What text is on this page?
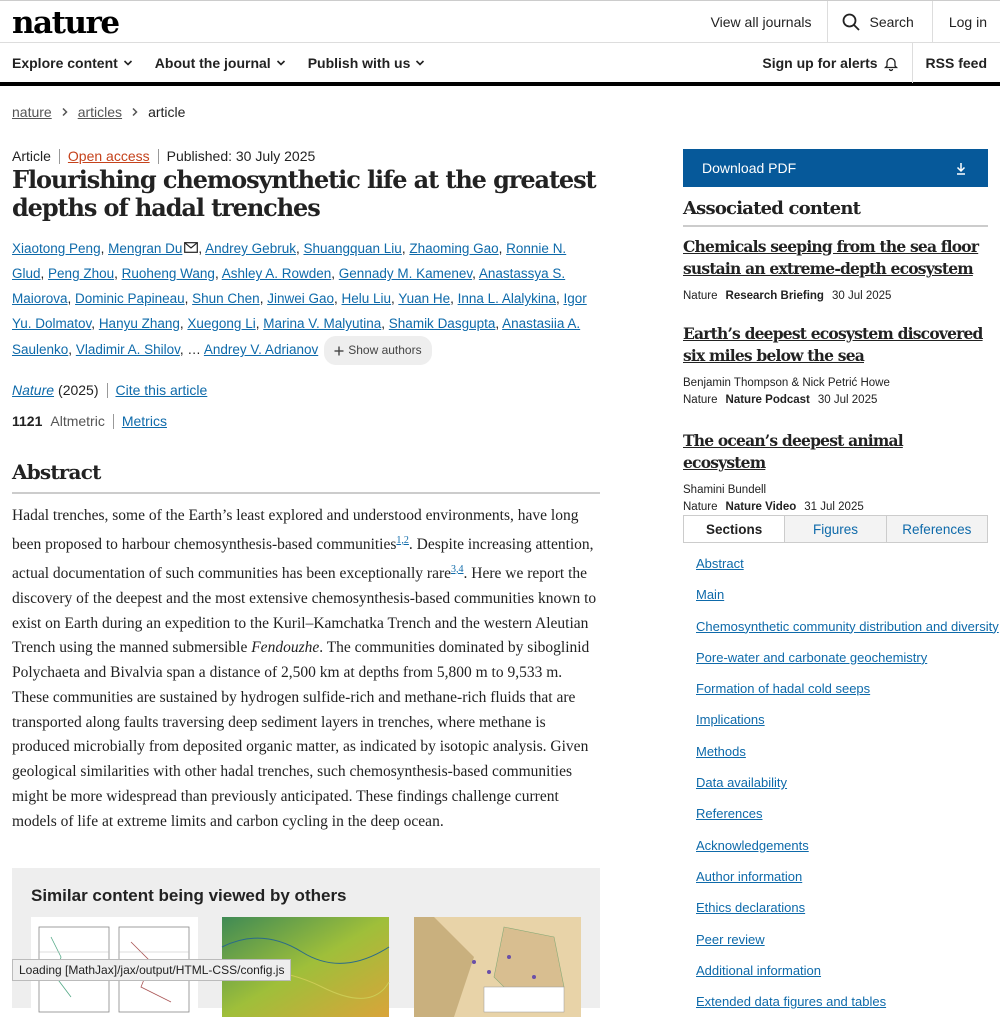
nature	View all journals	Search	Log in
Explore content	About the journal	Publish with us	Sign up for alerts	RSS feed
nature articles article
Article Open access Published: 30 July 2025
Flourishing chemosynthetic life at the greatest depths of hadal trenches
Xiaotong Peng, Mengran Du , Andrey Gebruk, Shuangquan Liu, Zhaoming Gao, Ronnie N. Glud, Peng Zhou, Ruoheng Wang, Ashley A. Rowden, Gennady M. Kamenev, Anastassya S. Maiorova, Dominic Papineau, Shun Chen, Jinwei Gao, Helu Liu, Yuan He, Inna L. Alalykina, Igor Yu. Dolmatov, Hanyu Zhang, Xuegong Li, Marina V. Malyutina, Shamik Dasgupta, Anastasiia A. Saulenko, Vladimir A. Shilov, … Andrey V. Adrianov	Show authors
Nature (2025) Cite this article
1121 Altmetric Metrics
Abstract

Hadal trenches, some of the Earth’s least explored and understood environments, have long been proposed to harbour chemosynthesis-based communities$^{1,2}$. Despite increasing attention, actual documentation of such communities has been exceptionally rare$^{3,4}$. Here we report the discovery of the deepest and the most extensive chemosynthesis-based communities known to exist on Earth during an expedition to the Kuril–Kamchatka Trench and the western Aleutian Trench using the manned submersible Fendouzhe. The communities dominated by siboglinid Polychaeta and Bivalvia span a distance of 2,500 km at depths from 5,800 m to 9,533 m. These communities are sustained by hydrogen sulfide-rich and methane-rich fluids that are transported along faults traversing deep sediment layers in trenches, where methane is produced microbially from deposited organic matter, as indicated by isotopic analysis. Given geological similarities with other hadal trenches, such chemosynthesis-based communities might be more widespread than previously anticipated. These findings challenge current models of life at extreme limits and carbon cycling in the deep ocean.

Similar content being viewed by others
Loading [MathJax]/jax/output/HTML-CSS/config.js
Download PDF
Associated content
Chemicals seeping from the sea floor sustain an extreme-depth ecosystem
Nature Research Briefing 30 Jul 2025
Earth’s deepest ecosystem discovered six miles below the sea
Benjamin Thompson & Nick Petrić Howe
Nature Nature Podcast 30 Jul 2025
The ocean’s deepest animal ecosystem
Shamini Bundell
Nature Nature Video 31 Jul 2025
Sections	Figures	References
Abstract
Main
Chemosynthetic community distribution and diversity
Pore-water and carbonate geochemistry
Formation of hadal cold seeps
Implications
Methods
Data availability
References
Acknowledgements
Author information
Ethics declarations
Peer review
Additional information
Extended data figures and tables
